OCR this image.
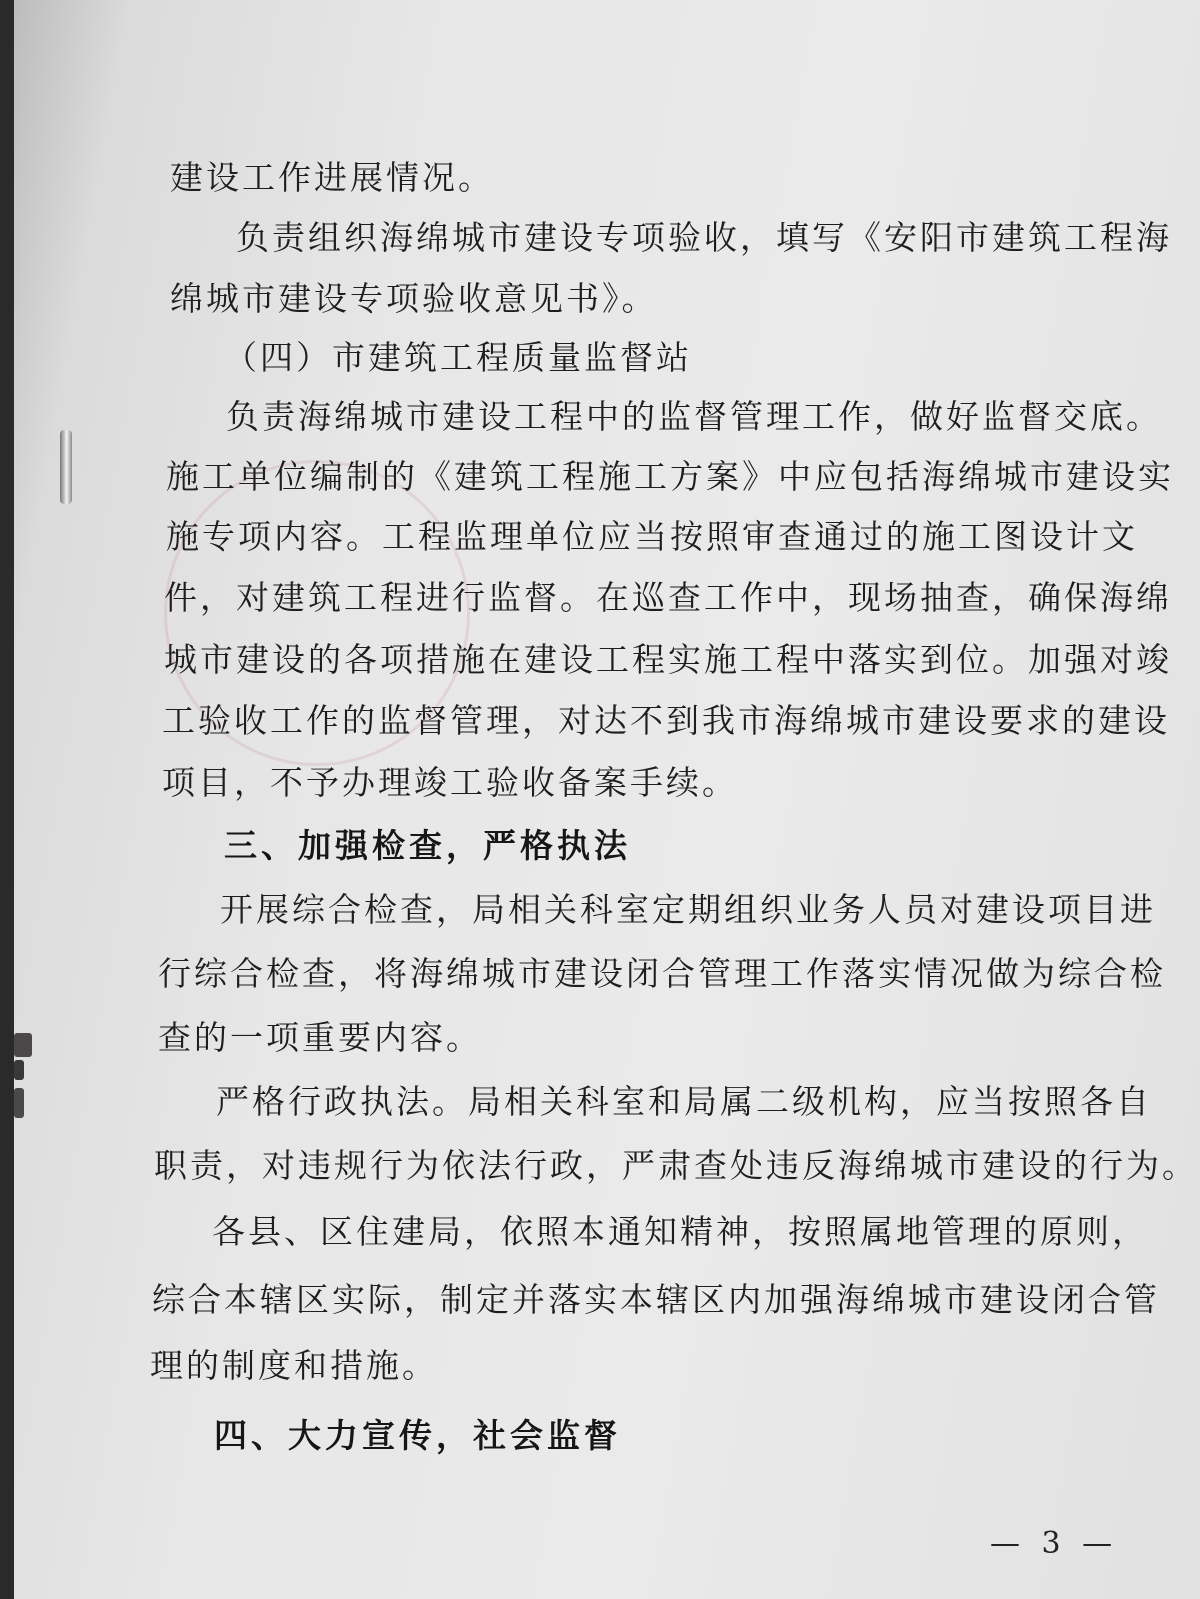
建设工作进展情况。
负责组织海绵城市建设专项验收，填写《安阳市建筑工程海
绵城市建设专项验收意见书》。
（四）市建筑工程质量监督站
负责海绵城市建设工程中的监督管理工作，做好监督交底。
施工单位编制的《建筑工程施工方案》中应包括海绵城市建设实
施专项内容。工程监理单位应当按照审查通过的施工图设计文
件，对建筑工程进行监督。在巡查工作中，现场抽查，确保海绵
城市建设的各项措施在建设工程实施工程中落实到位。加强对竣
工验收工作的监督管理，对达不到我市海绵城市建设要求的建设
项目，不予办理竣工验收备案手续。
三、加强检查，严格执法
开展综合检查，局相关科室定期组织业务人员对建设项目进
行综合检查，将海绵城市建设闭合管理工作落实情况做为综合检
查的一项重要内容。
严格行政执法。局相关科室和局属二级机构，应当按照各自
职责，对违规行为依法行政，严肃查处违反海绵城市建设的行为。
各县、区住建局，依照本通知精神，按照属地管理的原则，
综合本辖区实际，制定并落实本辖区内加强海绵城市建设闭合管
理的制度和措施。
四、大力宣传，社会监督
— 3 —
